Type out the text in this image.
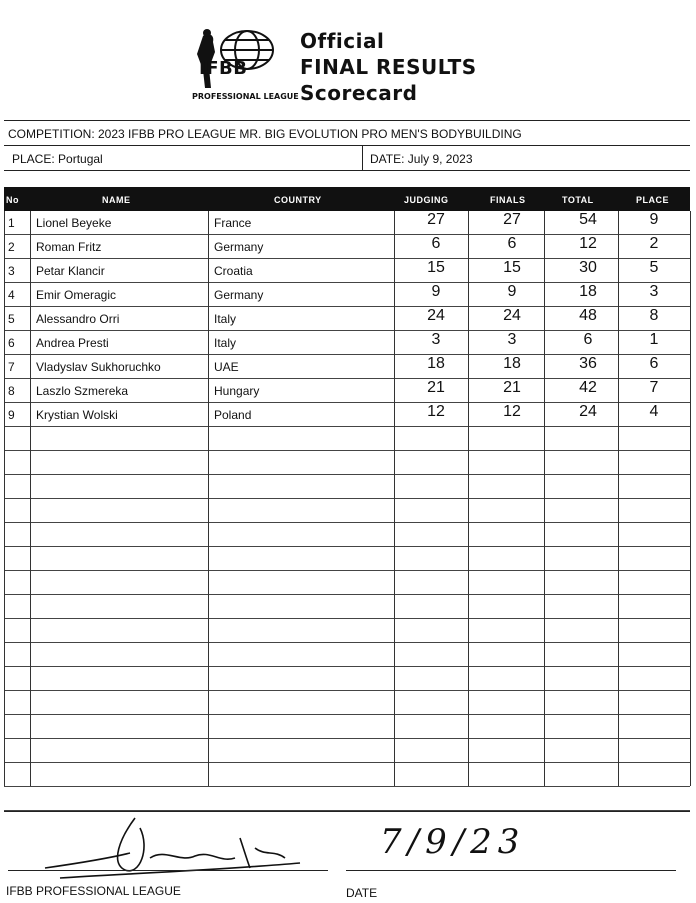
IFBB
PROFESSIONAL LEAGUE
Official
FINAL RESULTS
Scorecard
COMPETITION: 2023 IFBB PRO LEAGUE MR. BIG EVOLUTION PRO MEN'S BODYBUILDING
PLACE: Portugal	DATE: July 9, 2023
No	NAME	COUNTRY	JUDGING	FINALS	TOTAL	PLACE
1 Lionel Beyeke	France	27	27	54	9
2 Roman Fritz	Germany	6	6	12	2
3 Petar Klancir	Croatia	15	15	30	5
4 Emir Omeragic	Germany	9	9	18	3
5 Alessandro Orri	Italy	24	24	48	8
6 Andrea Presti	Italy	3	3	6	1
7 Vladyslav Sukhoruchko	UAE	18	18	36	6
8 Laszlo Szmereka	Hungary	21	21	42	7
9 Krystian Wolski	Poland	12	12	24	4
IFBB PROFESSIONAL LEAGUE
7/9/23
DATE
